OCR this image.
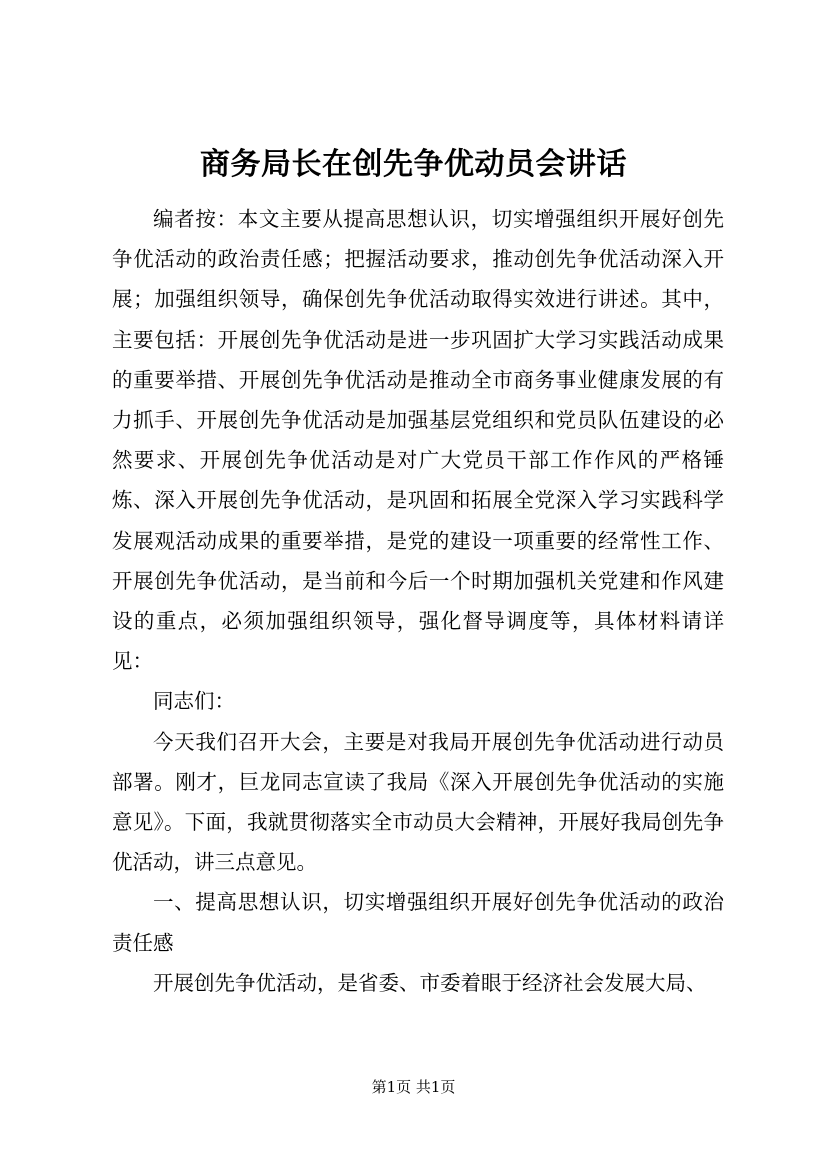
商务局长在创先争优动员会讲话

编者按：本文主要从提高思想认识，切实增强组织开展好创先争优活动的政治责任感；把握活动要求，推动创先争优活动深入开展；加强组织领导，确保创先争优活动取得实效进行讲述。其中，主要包括：开展创先争优活动是进一步巩固扩大学习实践活动成果的重要举措、开展创先争优活动是推动全市商务事业健康发展的有力抓手、开展创先争优活动是加强基层党组织和党员队伍建设的必然要求、开展创先争优活动是对广大党员干部工作作风的严格锤炼、深入开展创先争优活动，是巩固和拓展全党深入学习实践科学发展观活动成果的重要举措，是党的建设一项重要的经常性工作、开展创先争优活动，是当前和今后一个时期加强机关党建和作风建设的重点，必须加强组织领导，强化督导调度等，具体材料请详见：

同志们：

今天我们召开大会，主要是对我局开展创先争优活动进行动员部署。刚才，巨龙同志宣读了我局《深入开展创先争优活动的实施意见》。下面，我就贯彻落实全市动员大会精神，开展好我局创先争优活动，讲三点意见。

一、提高思想认识，切实增强组织开展好创先争优活动的政治责任感

开展创先争优活动，是省委、市委着眼于经济社会发展大局、

第1页 共1页
